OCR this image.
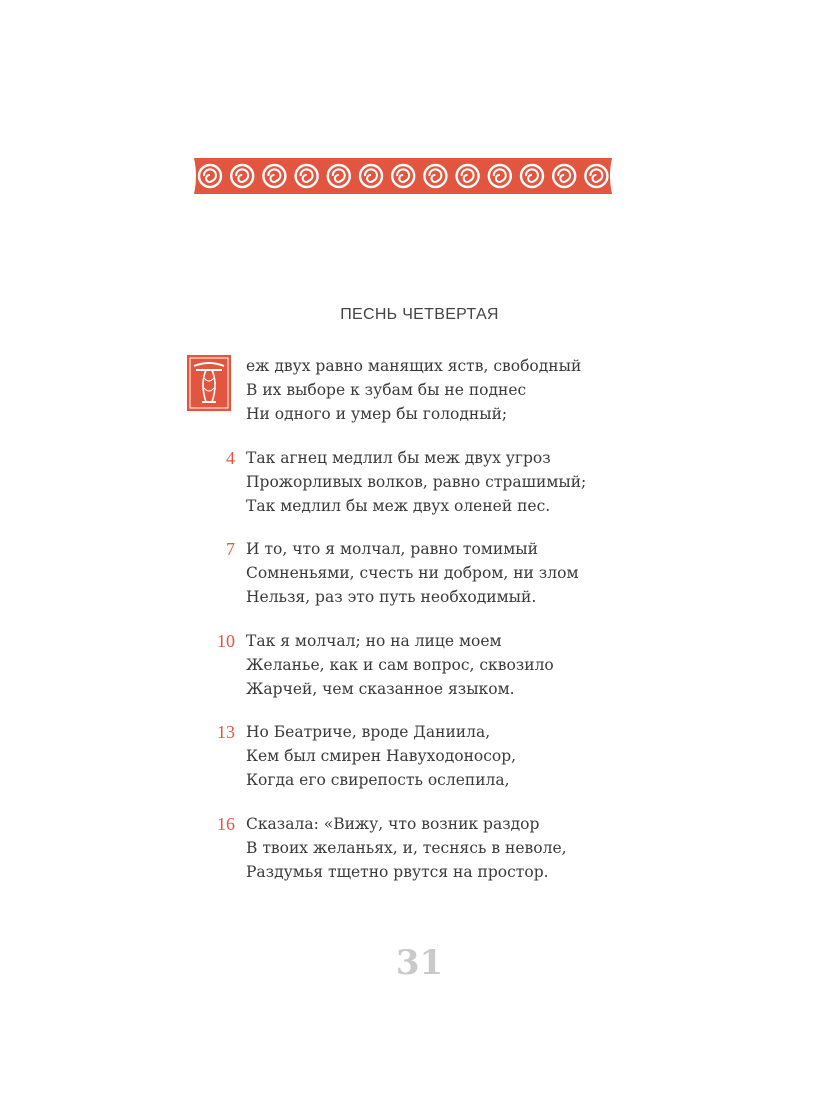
ПЕСНЬ ЧЕТВЕРТАЯ
еж двух равно манящих яств, свободный
В их выборе к зубам бы не поднес
Ни одного и умер бы голодный;
4 Так агнец медлил бы меж двух угроз
Прожорливых волков, равно страшимый;
Так медлил бы меж двух оленей пес.
7 И то, что я молчал, равно томимый
Сомненьями, счесть ни добром, ни злом
Нельзя, раз это путь необходимый.
10 Так я молчал; но на лице моем
Желанье, как и сам вопрос, сквозило
Жарчей, чем сказанное языком.
13 Но Беатриче, вроде Даниила,
Кем был смирен Навуходоносор,
Когда его свирепость ослепила,
16 Сказала: «Вижу, что возник раздор
В твоих желаньях, и, теснясь в неволе,
Раздумья тщетно рвутся на простор.
31
